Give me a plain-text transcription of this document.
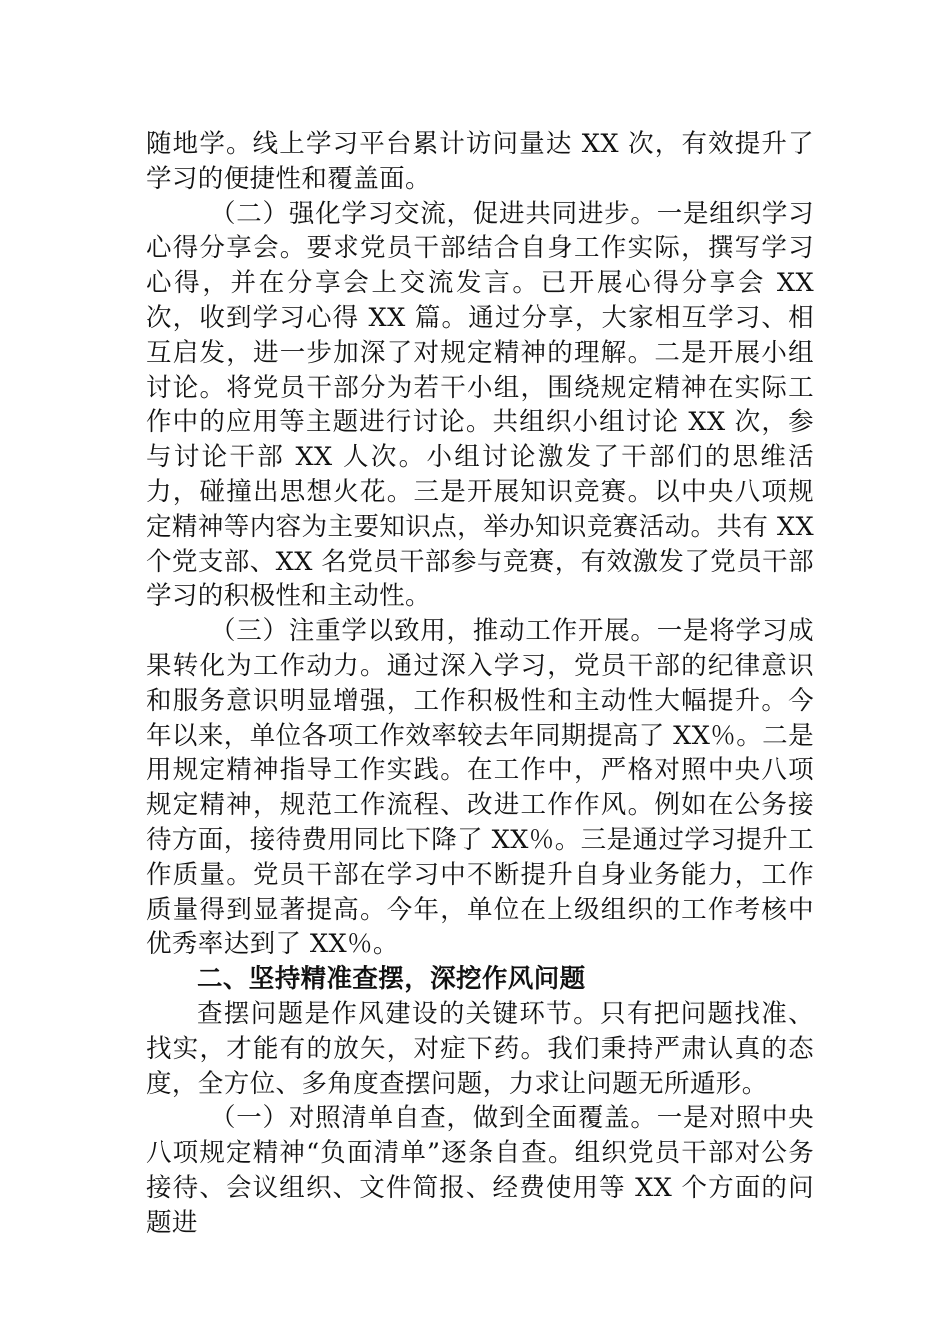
随地学。线上学习平台累计访问量达 XX 次，有效提升了学习的便捷性和覆盖面。

（二）强化学习交流，促进共同进步。一是组织学习心得分享会。要求党员干部结合自身工作实际，撰写学习心得，并在分享会上交流发言。已开展心得分享会 XX 次，收到学习心得 XX 篇。通过分享，大家相互学习、相互启发，进一步加深了对规定精神的理解。二是开展小组讨论。将党员干部分为若干小组，围绕规定精神在实际工作中的应用等主题进行讨论。共组织小组讨论 XX 次，参与讨论干部 XX 人次。小组讨论激发了干部们的思维活力，碰撞出思想火花。三是开展知识竞赛。以中央八项规定精神等内容为主要知识点，举办知识竞赛活动。共有 XX 个党支部、XX 名党员干部参与竞赛，有效激发了党员干部学习的积极性和主动性。

（三）注重学以致用，推动工作开展。一是将学习成果转化为工作动力。通过深入学习，党员干部的纪律意识和服务意识明显增强，工作积极性和主动性大幅提升。今年以来，单位各项工作效率较去年同期提高了 XX％。二是用规定精神指导工作实践。在工作中，严格对照中央八项规定精神，规范工作流程、改进工作作风。例如在公务接待方面，接待费用同比下降了 XX％。三是通过学习提升工作质量。党员干部在学习中不断提升自身业务能力，工作质量得到显著提高。今年，单位在上级组织的工作考核中优秀率达到了 XX％。

二、坚持精准查摆，深挖作风问题

查摆问题是作风建设的关键环节。只有把问题找准、找实，才能有的放矢，对症下药。我们秉持严肃认真的态度，全方位、多角度查摆问题，力求让问题无所遁形。

（一）对照清单自查，做到全面覆盖。一是对照中央八项规定精神“负面清单”逐条自查。组织党员干部对公务接待、会议组织、文件简报、经费使用等 XX 个方面的问题进
